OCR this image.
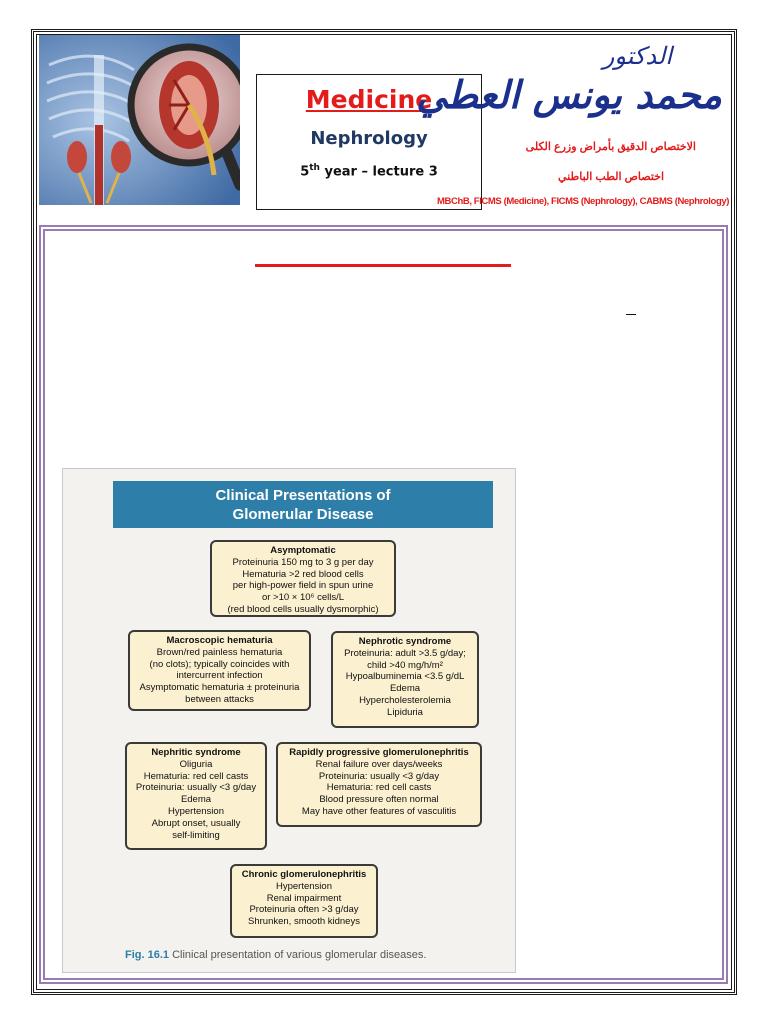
Medicine
Nephrology
5th year – lecture 3
الدكتور
محمد يونس العطي
الاختصاص الدقيق بأمراض وزرع الكلى
اختصاص الطب الباطني
MBChB, FICMS (Medicine), FICMS (Nephrology), CABMS (Nephrology)
Clinical Presentations of
Glomerular Disease
Asymptomatic
Proteinuria 150 mg to 3 g per day
Hematuria >2 red blood cells
per high-power field in spun urine
or >10 × 10⁶ cells/L
(red blood cells usually dysmorphic)
Macroscopic hematuria
Brown/red painless hematuria
(no clots); typically coincides with
intercurrent infection
Asymptomatic hematuria ± proteinuria
between attacks
Nephrotic syndrome
Proteinuria: adult >3.5 g/day;
child >40 mg/h/m²
Hypoalbuminemia <3.5 g/dL
Edema
Hypercholesterolemia
Lipiduria
Nephritic syndrome
Oliguria
Hematuria: red cell casts
Proteinuria: usually <3 g/day
Edema
Hypertension
Abrupt onset, usually
self-limiting
Rapidly progressive glomerulonephritis
Renal failure over days/weeks
Proteinuria: usually <3 g/day
Hematuria: red cell casts
Blood pressure often normal
May have other features of vasculitis
Chronic glomerulonephritis
Hypertension
Renal impairment
Proteinuria often >3 g/day
Shrunken, smooth kidneys
Fig. 16.1 Clinical presentation of various glomerular diseases.
